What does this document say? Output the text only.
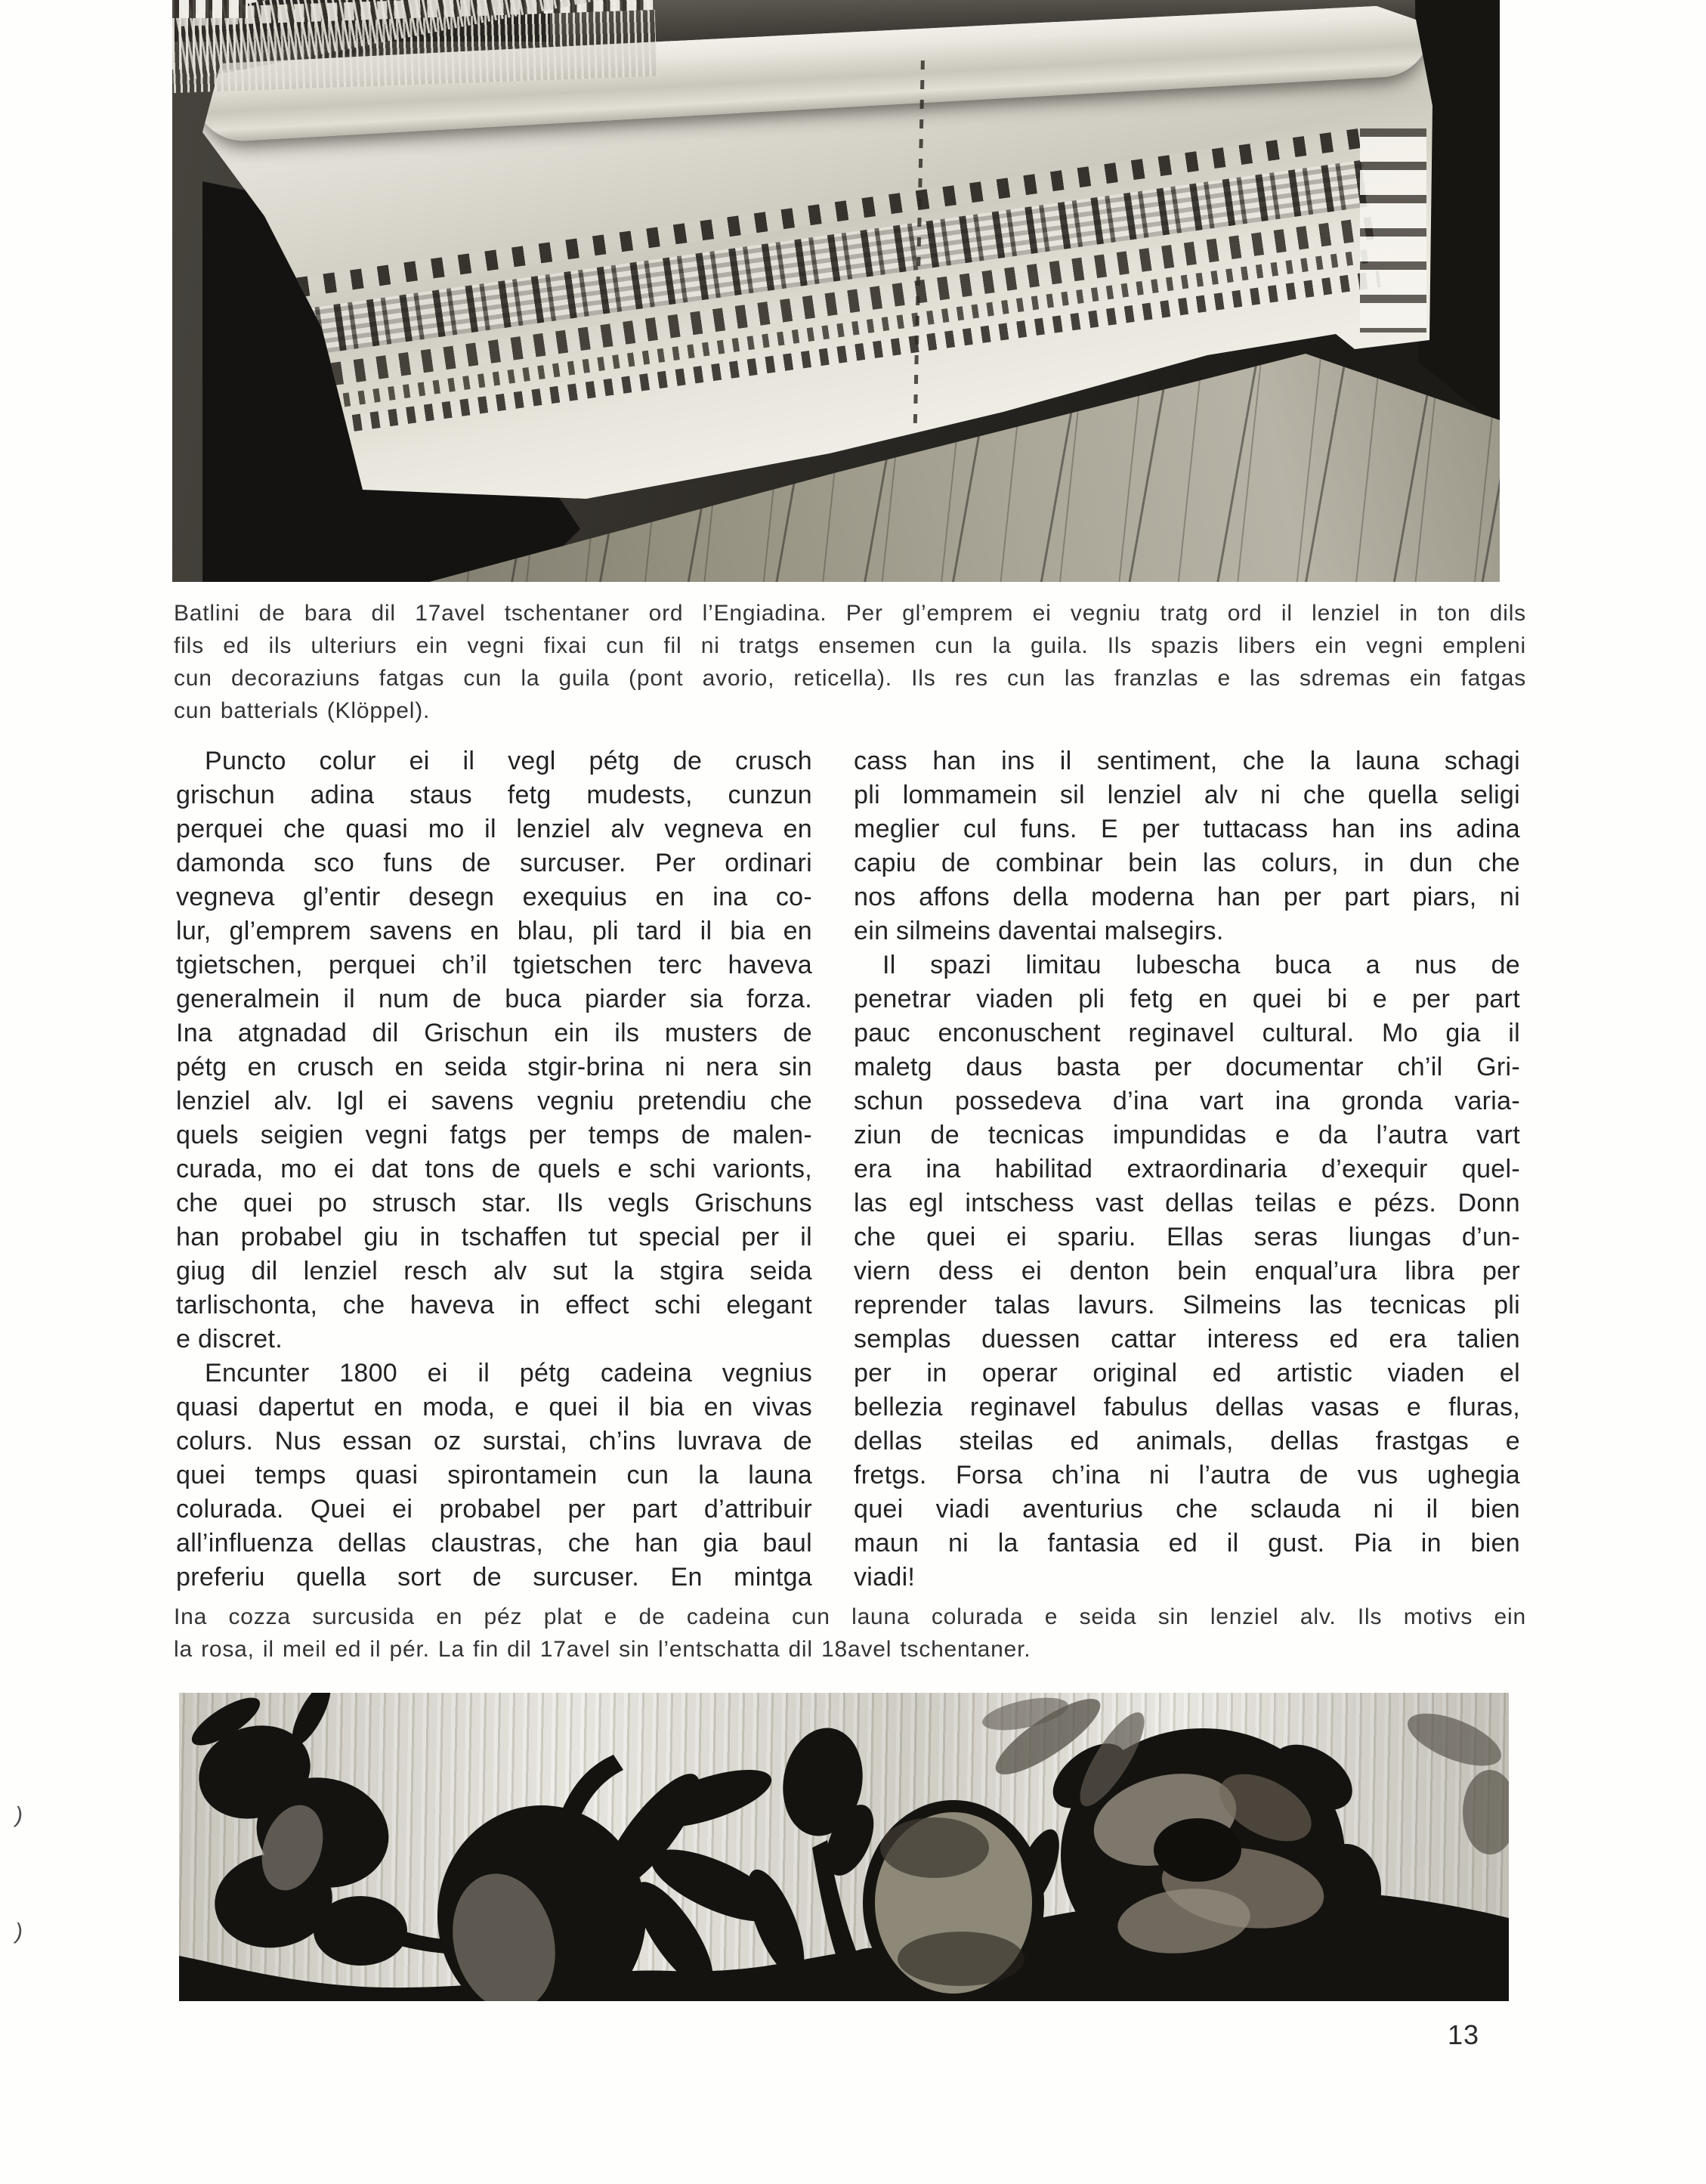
Batlini de bara dil 17avel tschentaner ord l’Engiadina. Per gl’emprem ei vegniu tratg ord il lenziel in ton dils
fils ed ils ulteriurs ein vegni fixai cun fil ni tratgs ensemen cun la guila. Ils spazis libers ein vegni empleni
cun decoraziuns fatgas cun la guila (pont avorio, reticella). Ils res cun las franzlas e las sdremas ein fatgas
cun batterials (Klöppel).
Puncto colur ei il vegl pétg de crusch
grischun adina staus fetg mudests, cunzun
perquei che quasi mo il lenziel alv vegneva en
damonda sco funs de surcuser. Per ordinari
vegneva gl’entir desegn exequius en ina co-
lur, gl’emprem savens en blau, pli tard il bia en
tgietschen, perquei ch’il tgietschen terc haveva
generalmein il num de buca piarder sia forza.
Ina atgnadad dil Grischun ein ils musters de
pétg en crusch en seida stgir-brina ni nera sin
lenziel alv. Igl ei savens vegniu pretendiu che
quels seigien vegni fatgs per temps de malen-
curada, mo ei dat tons de quels e schi varionts,
che quei po strusch star. Ils vegls Grischuns
han probabel giu in tschaffen tut special per il
giug dil lenziel resch alv sut la stgira seida
tarlischonta, che haveva in effect schi elegant
e discret.
Encunter 1800 ei il pétg cadeina vegnius
quasi dapertut en moda, e quei il bia en vivas
colurs. Nus essan oz surstai, ch’ins luvrava de
quei temps quasi spirontamein cun la launa
colurada. Quei ei probabel per part d’attribuir
all’influenza dellas claustras, che han gia baul
preferiu quella sort de surcuser. En mintga
cass han ins il sentiment, che la launa schagi
pli lommamein sil lenziel alv ni che quella seligi
meglier cul funs. E per tuttacass han ins adina
capiu de combinar bein las colurs, in dun che
nos affons della moderna han per part piars, ni
ein silmeins daventai malsegirs.
Il spazi limitau lubescha buca a nus de
penetrar viaden pli fetg en quei bi e per part
pauc enconuschent reginavel cultural. Mo gia il
maletg daus basta per documentar ch’il Gri-
schun possedeva d’ina vart ina gronda varia-
ziun de tecnicas impundidas e da l’autra vart
era ina habilitad extraordinaria d’exequir quel-
las egl intschess vast dellas teilas e pézs. Donn
che quei ei spariu. Ellas seras liungas d’un-
viern dess ei denton bein enqual’ura libra per
reprender talas lavurs. Silmeins las tecnicas pli
semplas duessen cattar interess ed era talien
per in operar original ed artistic viaden el
bellezia reginavel fabulus dellas vasas e fluras,
dellas steilas ed animals, dellas frastgas e
fretgs. Forsa ch’ina ni l’autra de vus ughegia
quei viadi aventurius che sclauda ni il bien
maun ni la fantasia ed il gust. Pia in bien
viadi!
Ina cozza surcusida en péz plat e de cadeina cun launa colurada e seida sin lenziel alv. Ils motivs ein
la rosa, il meil ed il pér. La fin dil 17avel sin l’entschatta dil 18avel tschentaner.
)
)
13
